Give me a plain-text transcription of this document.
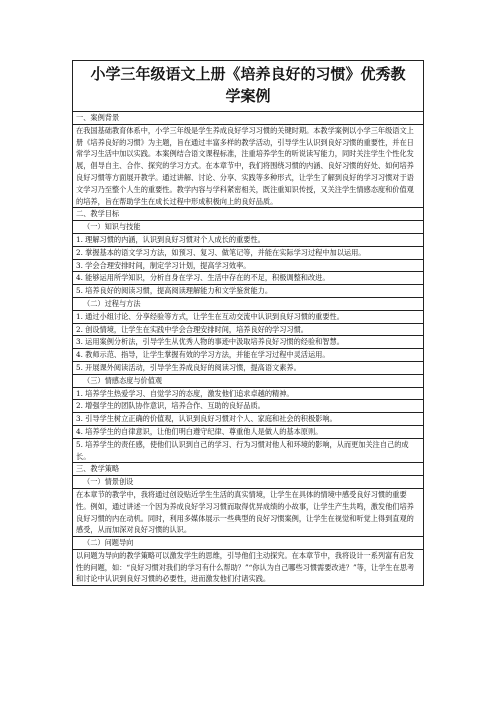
小学三年级语文上册《培养良好的习惯》优秀教学案例
一、案例背景
在我国基础教育体系中，小学三年级是学生养成良好学习习惯的关键时期。本教学案例以小学三年级语文上册《培养良好的习惯》为主题，旨在通过丰富多样的教学活动，引导学生认识到良好习惯的重要性，并在日常学习生活中加以实践。本案例结合语文课程标准，注重培养学生的听说读写能力，同时关注学生个性化发展，倡导自主、合作、探究的学习方式。在本章节中，我们将围绕习惯的内涵、良好习惯的好处、如何培养良好习惯等方面展开教学。通过讲解、讨论、分享、实践等多种形式，让学生了解到良好的学习习惯对于语文学习乃至整个人生的重要性。教学内容与学科紧密相关，既注重知识传授，又关注学生情感态度和价值观的培养，旨在帮助学生在成长过程中形成积极向上的良好品质。
二、教学目标
（一）知识与技能
1. 理解习惯的内涵，认识到良好习惯对个人成长的重要性。
2. 掌握基本的语文学习方法，如预习、复习、做笔记等，并能在实际学习过程中加以运用。
3. 学会合理安排时间，制定学习计划，提高学习效率。
4. 能够运用所学知识，分析自身在学习、生活中存在的不足，积极调整和改进。
5. 培养良好的阅读习惯，提高阅读理解能力和文学鉴赏能力。
（二）过程与方法
1. 通过小组讨论、分享经验等方式，让学生在互动交流中认识到良好习惯的重要性。
2. 创设情境，让学生在实践中学会合理安排时间，培养良好的学习习惯。
3. 运用案例分析法，引导学生从优秀人物的事迹中汲取培养良好习惯的经验和智慧。
4. 教师示范、指导，让学生掌握有效的学习方法，并能在学习过程中灵活运用。
5. 开展课外阅读活动，引导学生养成良好的阅读习惯，提高语文素养。
（三）情感态度与价值观
1. 培养学生热爱学习、自觉学习的态度，激发他们追求卓越的精神。
2. 增强学生的团队协作意识，培养合作、互助的良好品质。
3. 引导学生树立正确的价值观，认识到良好习惯对个人、家庭和社会的积极影响。
4. 培养学生的自律意识，让他们明白遵守纪律、尊重他人是做人的基本原则。
5. 培养学生的责任感，使他们认识到自己的学习、行为习惯对他人和环境的影响，从而更加关注自己的成长。
三、教学策略
（一）情景创设
在本章节的教学中，我将通过创设贴近学生生活的真实情境，让学生在具体的情境中感受良好习惯的重要性。例如，通过讲述一个因为养成良好学习习惯而取得优异成绩的小故事，让学生产生共鸣，激发他们培养良好习惯的内在动机。同时，利用多媒体展示一些典型的良好习惯案例，让学生在视觉和听觉上得到直观的感受，从而加深对良好习惯的认识。
（二）问题导向
以问题为导向的教学策略可以激发学生的思维，引导他们主动探究。在本章节中，我将设计一系列富有启发性的问题，如：“良好习惯对我们的学习有什么帮助？”“你认为自己哪些习惯需要改进？”等，让学生在思考和讨论中认识到良好习惯的必要性，进而激发他们付诸实践。
